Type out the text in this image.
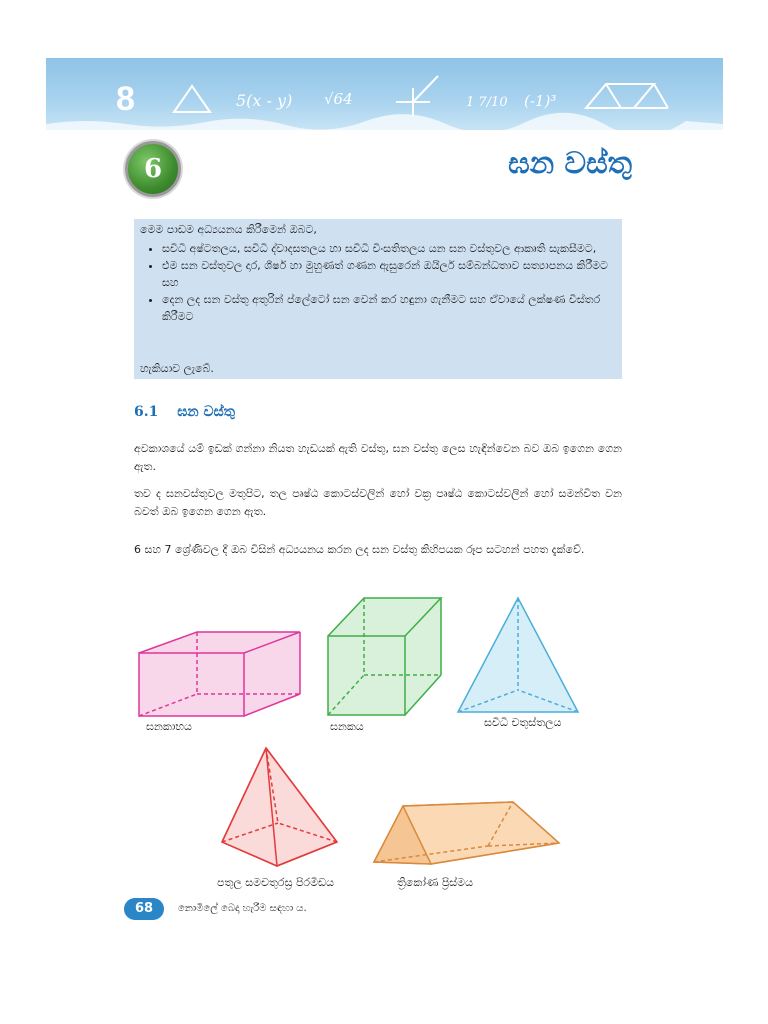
8	5(x - y) √64	1 7/10 (-1)³
6	ඝන වස්තු

මෙම පාඩම අධ්‍යයනය කිරීමෙන් ඔබට,

• සවිධි අෂ්ටතලය, සවිධි ද්වාදසතලය හා සවිධි විංසතිතලය යන ඝන වස්තුවල ආකෘති සැකසීමට,
• එම ඝන වස්තුවල දාර, ශීර්ෂ හා මුහුණත් ගණන ඇසුරෙන් ඔයිලර් සම්බන්ධතාව සත්‍යාපනය කිරීමට සහ
• දෙන ලද ඝන වස්තු අතුරින් ප්ලේටෝ ඝන වෙන් කර හඳුනා ගැනීමට සහ ඒවායේ ලක්ෂණ විස්තර කිරීමට
හැකියාව ලැබේ.
6.1 ඝන වස්තු
අවකාශයේ යම් ඉඩක් ගන්නා නියත හැඩයක් ඇති වස්තු, ඝන වස්තු ලෙස හැඳින්වෙන බව ඔබ ඉගෙන ගෙන ඇත.
තව ද ඝනවස්තුවල මතුපිට, තල පෘෂ්ඨ කොටස්වලින් හෝ වක්‍ර පෘෂ්ඨ කොටස්වලින් හෝ සමන්විත වන බවත් ඔබ ඉගෙන ගෙන ඇත.
6 සහ 7 ශ්‍රේණිවල දී ඔබ විසින් අධ්‍යයනය කරන ලද ඝන වස්තු කිහිපයක රූප සටහන් පහත දැක්වේ.
ඝනකාභය	ඝනකය	සවිධි චතුස්තලය
පතුල සමචතුරස්‍ර පිරමිඩය	ත්‍රිකෝණ ප්‍රිස්මය
68	නොමිලේ බෙදා හැරීම සඳහා ය.
